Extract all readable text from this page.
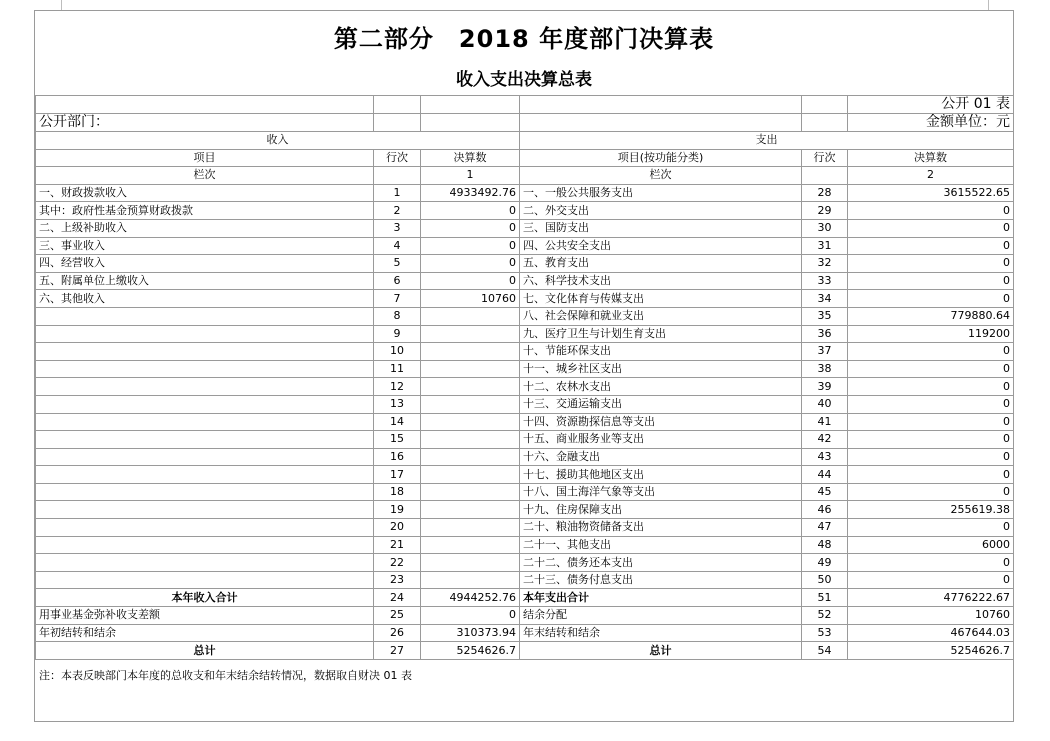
第二部分　2018 年度部门决算表
收入支出决算总表
					公开 01 表
公开部门：					金额单位：元
收入			支出		
项目	行次	决算数	项目(按功能分类)	行次	决算数
栏次		1	栏次		2
一、财政拨款收入	1	4933492.76	一、一般公共服务支出	28	3615522.65
其中：政府性基金预算财政拨款	2	0	二、外交支出	29	0
二、上级补助收入	3	0	三、国防支出	30	0
三、事业收入	4	0	四、公共安全支出	31	0
四、经营收入	5	0	五、教育支出	32	0
五、附属单位上缴收入	6	0	六、科学技术支出	33	0
六、其他收入	7	10760	七、文化体育与传媒支出	34	0
	8		八、社会保障和就业支出	35	779880.64
	9		九、医疗卫生与计划生育支出	36	119200
	10		十、节能环保支出	37	0
	11		十一、城乡社区支出	38	0
	12		十二、农林水支出	39	0
	13		十三、交通运输支出	40	0
	14		十四、资源勘探信息等支出	41	0
	15		十五、商业服务业等支出	42	0
	16		十六、金融支出	43	0
	17		十七、援助其他地区支出	44	0
	18		十八、国土海洋气象等支出	45	0
	19		十九、住房保障支出	46	255619.38
	20		二十、粮油物资储备支出	47	0
	21		二十一、其他支出	48	6000
	22		二十二、债务还本支出	49	0
	23		二十三、债务付息支出	50	0
本年收入合计	24	4944252.76	本年支出合计	51	4776222.67
用事业基金弥补收支差额	25	0	结余分配	52	10760
年初结转和结余	26	310373.94	年末结转和结余	53	467644.03
总计	27	5254626.7	总计	54	5254626.7
注：本表反映部门本年度的总收支和年末结余结转情况，数据取自财决 01 表
